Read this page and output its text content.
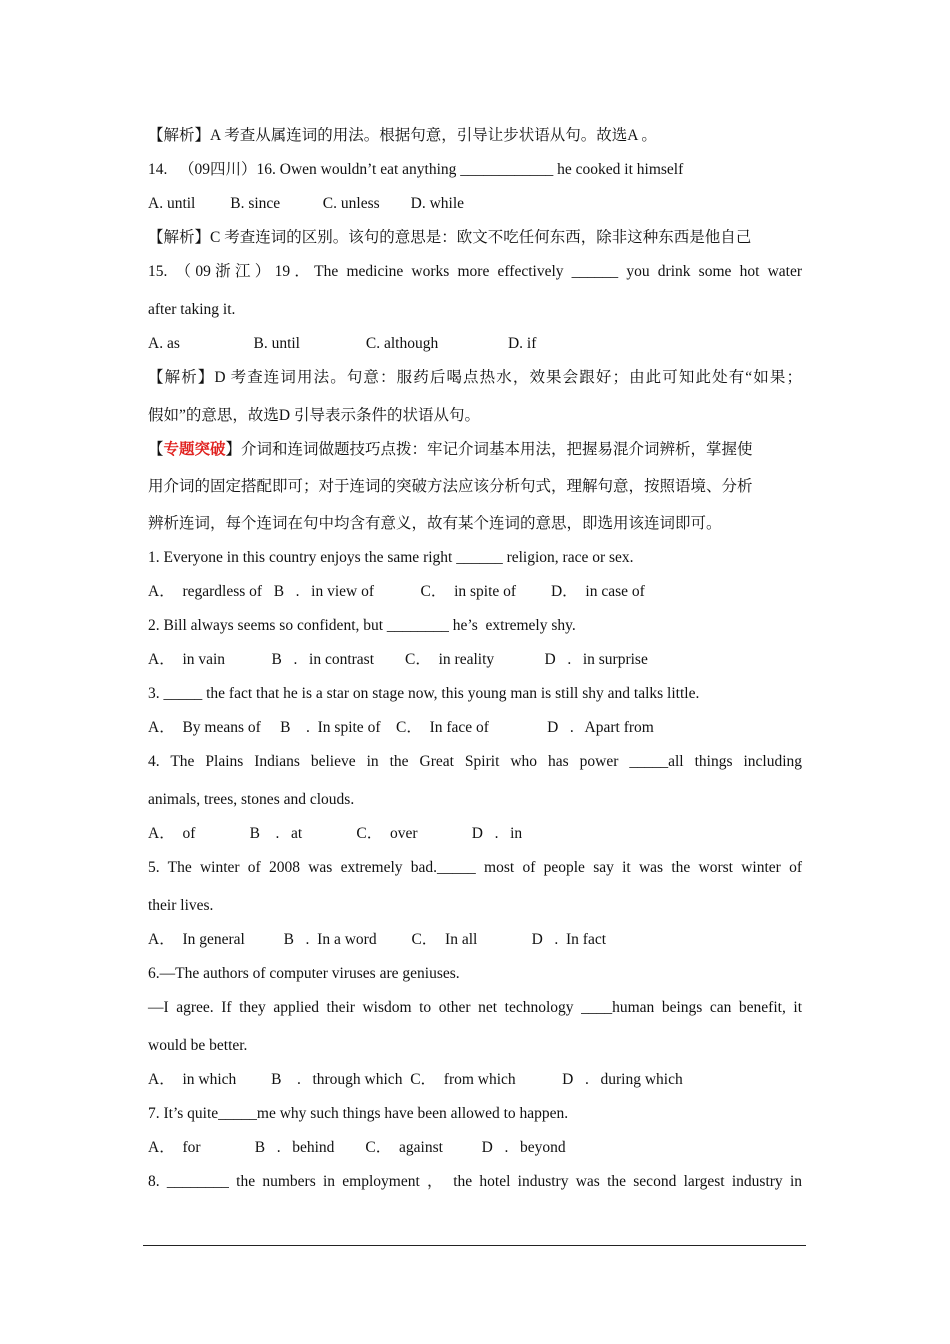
【解析】A 考查从属连词的用法。根据句意，引导让步状语从句。故选A 。
14.   （09四川）16. Owen wouldn’t eat anything ____________ he cooked it himself
A. until         B. since           C. unless        D. while
【解析】C 考查连词的区别。该句的意思是：欧文不吃任何东西，除非这种东西是他自己
15. （09浙江）19．The medicine works more effectively ______ you drink some hot water
after taking it.
A. as                   B. until                 C. although                  D. if
【解析】D 考查连词用法。句意：服药后喝点热水，效果会跟好；由此可知此处有“如果；
假如”的意思，故选D 引导表示条件的状语从句。
【专题突破】介词和连词做题技巧点拨：牢记介词基本用法，把握易混介词辨析，掌握使
用介词的固定搭配即可；对于连词的突破方法应该分析句式，理解句意，按照语境、分析
辨析连词，每个连词在句中均含有意义，故有某个连词的意思，即选用该连词即可。
1. Everyone in this country enjoys the same right ______ religion, race or sex.
A．  regardless of   B   .   in view of            C．  in spite of         D．  in case of
2. Bill always seems so confident, but ________ he’s  extremely shy.
A．  in vain            B   .   in contrast        C．  in reality             D   .   in surprise
3. _____ the fact that he is a star on stage now, this young man is still shy and talks little.
A．  By means of     B    .  In spite of    C．  In face of               D   .   Apart from
4. The Plains Indians believe in the Great Spirit who has power _____all things including
animals, trees, stones and clouds.
A．  of              B    .   at              C．  over              D   .   in
5. The winter of 2008 was extremely bad._____ most of people say it was the worst winter of
their lives.
A．  In general          B   .  In a word         C．  In all              D   .  In fact
6.—The authors of computer viruses are geniuses.
—I agree. If they applied their wisdom to other net technology ____human beings can benefit, it
would be better.
A．  in which         B    .   through which  C．  from which            D   .   during which
7. It’s quite_____me why such things have been allowed to happen.
A．  for              B   .   behind        C．  against          D   .   beyond
8. ________ the numbers in employment ， the hotel industry was the second largest industry in
